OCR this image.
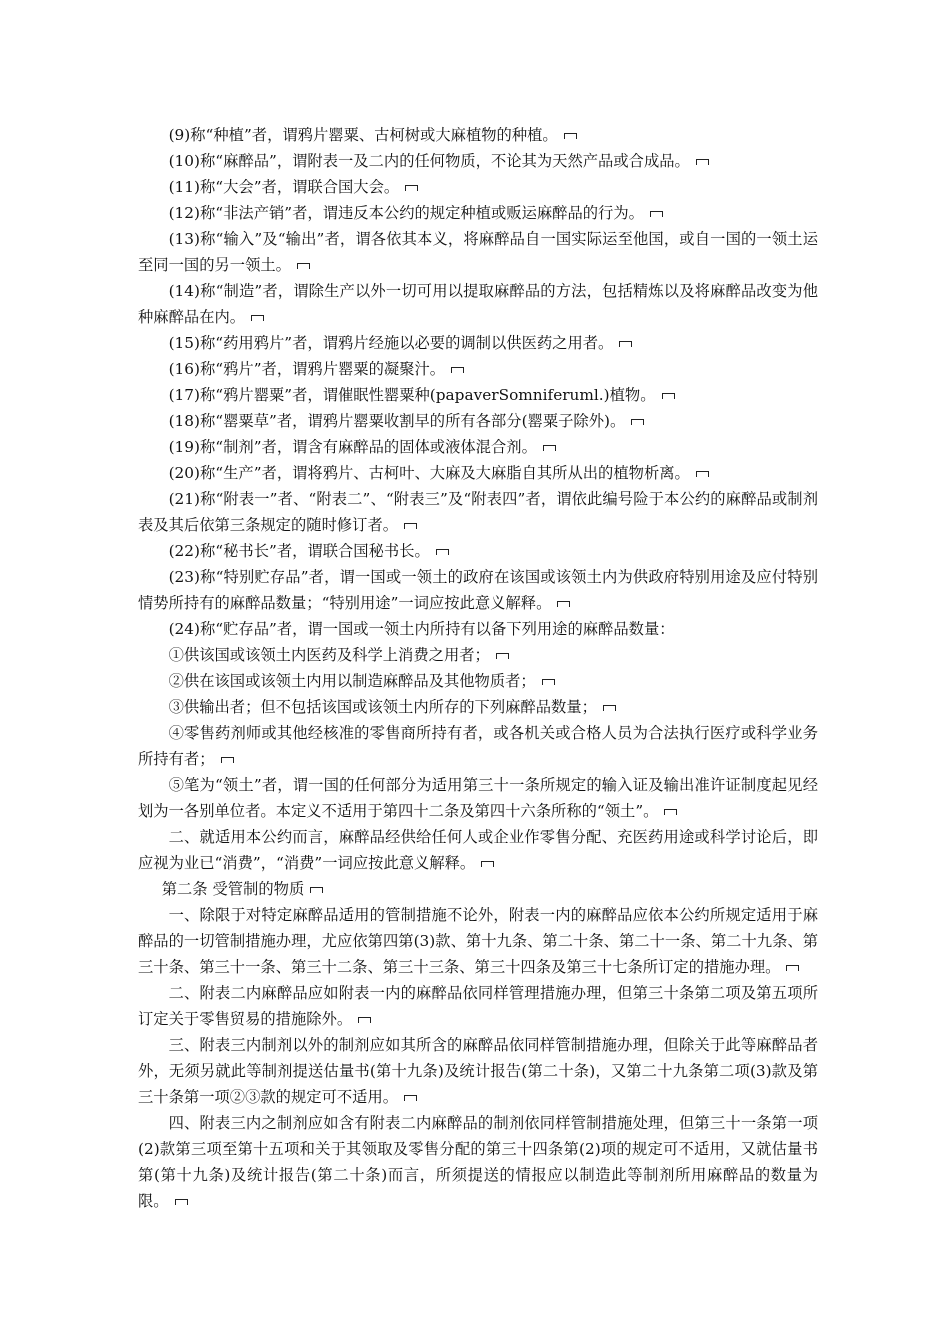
(9)称“种植”者，谓鸦片罂粟、古柯树或大麻植物的种植。

(10)称“麻醉品”，谓附表一及二内的任何物质，不论其为天然产品或合成品。

(11)称“大会”者，谓联合国大会。

(12)称“非法产销”者，谓违反本公约的规定种植或贩运麻醉品的行为。

(13)称“输入”及“输出”者，谓各依其本义，将麻醉品自一国实际运至他国，或自一国的一领土运至同一国的另一领土。

(14)称“制造”者，谓除生产以外一切可用以提取麻醉品的方法，包括精炼以及将麻醉品改变为他种麻醉品在内。

(15)称“药用鸦片”者，谓鸦片经施以必要的调制以供医药之用者。

(16)称“鸦片”者，谓鸦片罂粟的凝聚汁。

(17)称“鸦片罂粟”者，谓催眠性罂粟种(papaverSomniferuml.)植物。

(18)称“罂粟草”者，谓鸦片罂粟收割早的所有各部分(罂粟子除外)。

(19)称“制剂”者，谓含有麻醉品的固体或液体混合剂。

(20)称“生产”者，谓将鸦片、古柯叶、大麻及大麻脂自其所从出的植物析离。

(21)称“附表一”者、“附表二”、“附表三”及“附表四”者，谓依此编号险于本公约的麻醉品或制剂表及其后依第三条规定的随时修订者。

(22)称“秘书长”者，谓联合国秘书长。

(23)称“特别贮存品”者，谓一国或一领土的政府在该国或该领土内为供政府特别用途及应付特别情势所持有的麻醉品数量；“特别用途”一词应按此意义解释。

(24)称“贮存品”者，谓一国或一领土内所持有以备下列用途的麻醉品数量：

①供该国或该领土内医药及科学上消费之用者；

②供在该国或该领土内用以制造麻醉品及其他物质者；

③供输出者；但不包括该国或该领土内所存的下列麻醉品数量；

④零售药剂师或其他经核准的零售商所持有者，或各机关或合格人员为合法执行医疗或科学业务所持有者；

⑤笔为“领土”者，谓一国的任何部分为适用第三十一条所规定的输入证及输出准许证制度起见经划为一各别单位者。本定义不适用于第四十二条及第四十六条所称的“领土”。

二、就适用本公约而言，麻醉品经供给任何人或企业作零售分配、充医药用途或科学讨论后，即应视为业已“消费”，“消费”一词应按此意义解释。

第二条 受管制的物质

一、除限于对特定麻醉品适用的管制措施不论外，附表一内的麻醉品应依本公约所规定适用于麻醉品的一切管制措施办理，尤应依第四第(3)款、第十九条、第二十条、第二十一条、第二十九条、第三十条、第三十一条、第三十二条、第三十三条、第三十四条及第三十七条所订定的措施办理。

二、附表二内麻醉品应如附表一内的麻醉品依同样管理措施办理，但第三十条第二项及第五项所订定关于零售贸易的措施除外。

三、附表三内制剂以外的制剂应如其所含的麻醉品依同样管制措施办理，但除关于此等麻醉品者外，无须另就此等制剂提送估量书(第十九条)及统计报告(第二十条)，又第二十九条第二项(3)款及第三十条第一项②③款的规定可不适用。

四、附表三内之制剂应如含有附表二内麻醉品的制剂依同样管制措施处理，但第三十一条第一项(2)款第三项至第十五项和关于其领取及零售分配的第三十四条第(2)项的规定可不适用，又就估量书第(第十九条)及统计报告(第二十条)而言，所须提送的情报应以制造此等制剂所用麻醉品的数量为限。
